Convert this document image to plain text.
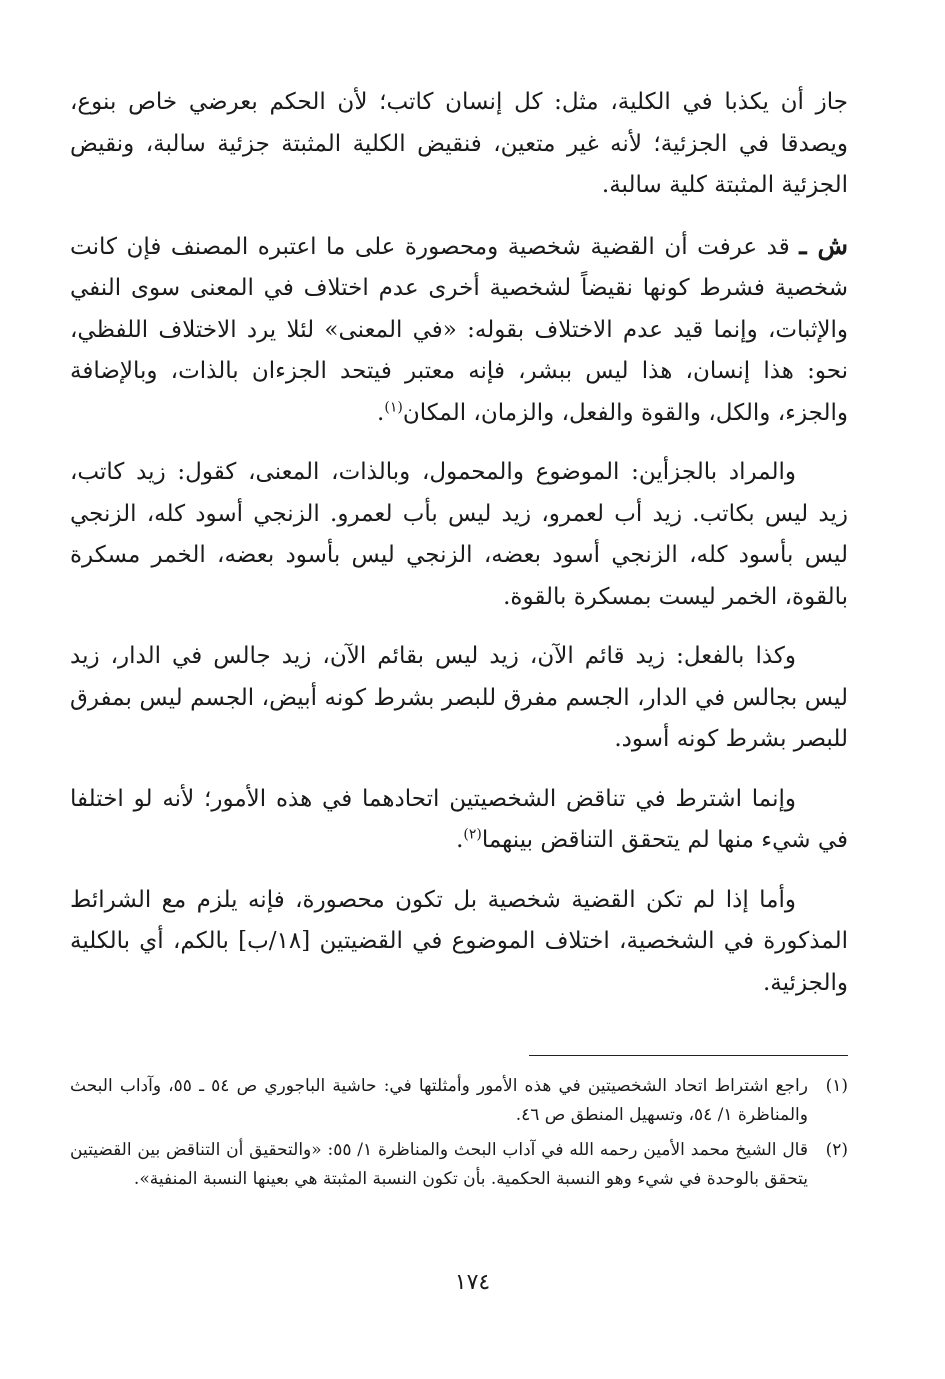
جاز أن يكذبا في الكلية، مثل: كل إنسان كاتب؛ لأن الحكم بعرضي خاص بنوع، ويصدقا في الجزئية؛ لأنه غير متعين، فنقيض الكلية المثبتة جزئية سالبة، ونقيض الجزئية المثبتة كلية سالبة.

ش ـ قد عرفت أن القضية شخصية ومحصورة على ما اعتبره المصنف فإن كانت شخصية فشرط كونها نقيضاً لشخصية أخرى عدم اختلاف في المعنى سوى النفي والإثبات، وإنما قيد عدم الاختلاف بقوله: «في المعنى» لئلا يرد الاختلاف اللفظي، نحو: هذا إنسان، هذا ليس ببشر، فإنه معتبر فيتحد الجزءان بالذات، وبالإضافة والجزء، والكل، والقوة والفعل، والزمان، المكان$^{(١)}$.

والمراد بالجزأين: الموضوع والمحمول، وبالذات، المعنى، كقول: زيد كاتب، زيد ليس بكاتب. زيد أب لعمرو، زيد ليس بأب لعمرو. الزنجي أسود كله، الزنجي ليس بأسود كله، الزنجي أسود بعضه، الزنجي ليس بأسود بعضه، الخمر مسكرة بالقوة، الخمر ليست بمسكرة بالقوة.

وكذا بالفعل: زيد قائم الآن، زيد ليس بقائم الآن، زيد جالس في الدار، زيد ليس بجالس في الدار، الجسم مفرق للبصر بشرط كونه أبيض، الجسم ليس بمفرق للبصر بشرط كونه أسود.

وإنما اشترط في تناقض الشخصيتين اتحادهما في هذه الأمور؛ لأنه لو اختلفا في شيء منها لم يتحقق التناقض بينهما$^{(٢)}$.

وأما إذا لم تكن القضية شخصية بل تكون محصورة، فإنه يلزم مع الشرائط المذكورة في الشخصية، اختلاف الموضوع في القضيتين [١٨/ب] بالكم، أي بالكلية والجزئية.

(١)
راجع اشتراط اتحاد الشخصيتين في هذه الأمور وأمثلتها في: حاشية الباجوري ص ٥٤ ـ ٥٥، وآداب البحث والمناظرة ١/ ٥٤، وتسهيل المنطق ص ٤٦.
(٢)
قال الشيخ محمد الأمين رحمه الله في آداب البحث والمناظرة ١/ ٥٥: «والتحقيق أن التناقض بين القضيتين يتحقق بالوحدة في شيء وهو النسبة الحكمية. بأن تكون النسبة المثبتة هي بعينها النسبة المنفية».
١٧٤
